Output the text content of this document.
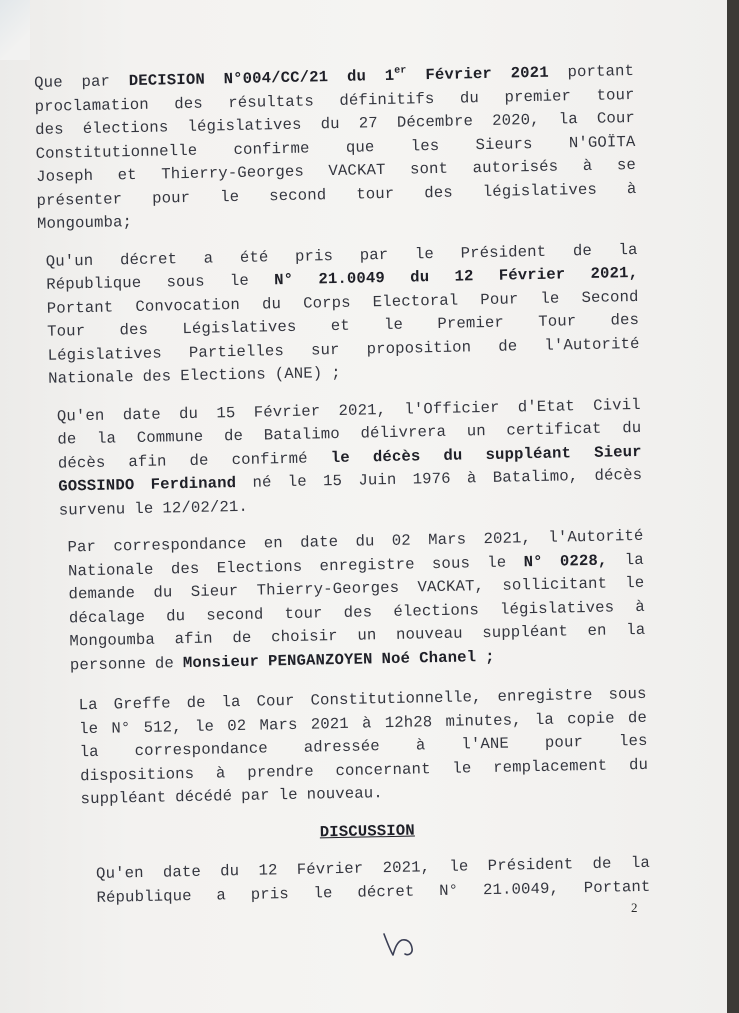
Que par DECISION N°004/CC/21 du 1er Février 2021 portant
proclamation des résultats définitifs du premier tour
des élections législatives du 27 Décembre 2020, la Cour
Constitutionnelle confirme que les Sieurs N'GOÏTA
Joseph et Thierry-Georges VACKAT sont autorisés à se
présenter pour le second tour des législatives à
Mongoumba;
Qu'un décret a été pris par le Président de la
République sous le N° 21.0049 du 12 Février 2021,
Portant Convocation du Corps Electoral Pour le Second
Tour des Législatives et le Premier Tour des
Législatives Partielles sur proposition de l'Autorité
Nationale des Elections (ANE) ;
Qu'en date du 15 Février 2021, l'Officier d'Etat Civil
de la Commune de Batalimo délivrera un certificat du
décès afin de confirmé le décès du suppléant Sieur
GOSSINDO Ferdinand né le 15 Juin 1976 à Batalimo, décès
survenu le 12/02/21.
Par correspondance en date du 02 Mars 2021, l'Autorité
Nationale des Elections enregistre sous le N° 0228, la
demande du Sieur Thierry-Georges VACKAT, sollicitant le
décalage du second tour des élections législatives à
Mongoumba afin de choisir un nouveau suppléant en la
personne de Monsieur PENGANZOYEN Noé Chanel ;
La Greffe de la Cour Constitutionnelle, enregistre sous
le N° 512, le 02 Mars 2021 à 12h28 minutes, la copie de
la correspondance adressée à l'ANE pour les
dispositions à prendre concernant le remplacement du
suppléant décédé par le nouveau.
DISCUSSION
Qu'en date du 12 Février 2021, le Président de la
République a pris le décret N° 21.0049, Portant
2
